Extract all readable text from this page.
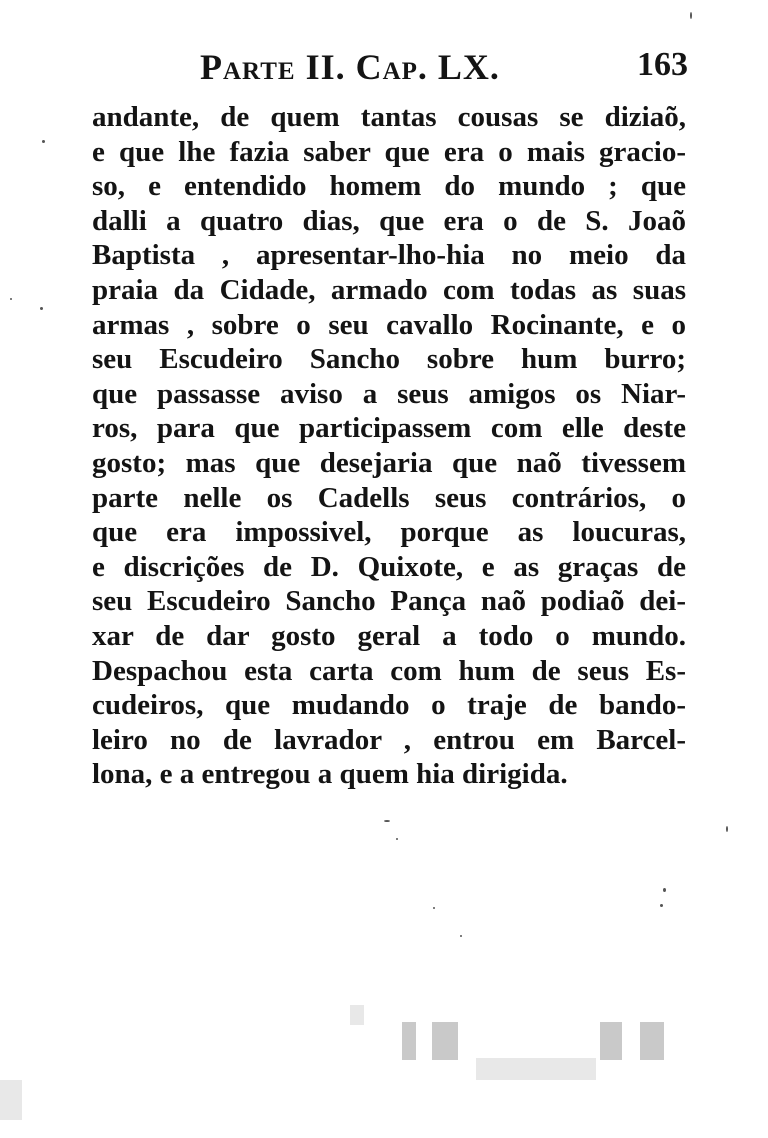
Parte II. Cap. LX.	163
andante, de quem tantas cousas se diziaõ,
e que lhe fazia saber que era o mais gracio-
so, e entendido homem do mundo ; que
dalli a quatro dias, que era o de S. Joaõ
Baptista , apresentar-lho-hia no meio da
praia da Cidade, armado com todas as suas
armas , sobre o seu cavallo Rocinante, e o
seu Escudeiro Sancho sobre hum burro;
que passasse aviso a seus amigos os Niar-
ros, para que participassem com elle deste
gosto; mas que desejaria que naõ tivessem
parte nelle os Cadells seus contrários, o
que era impossivel, porque as loucuras,
e discrições de D. Quixote, e as graças de
seu Escudeiro Sancho Pança naõ podiaõ dei-
xar de dar gosto geral a todo o mundo.
Despachou esta carta com hum de seus Es-
cudeiros, que mudando o traje de bando-
leiro no de lavrador , entrou em Barcel-
lona, e a entregou a quem hia dirigida.
